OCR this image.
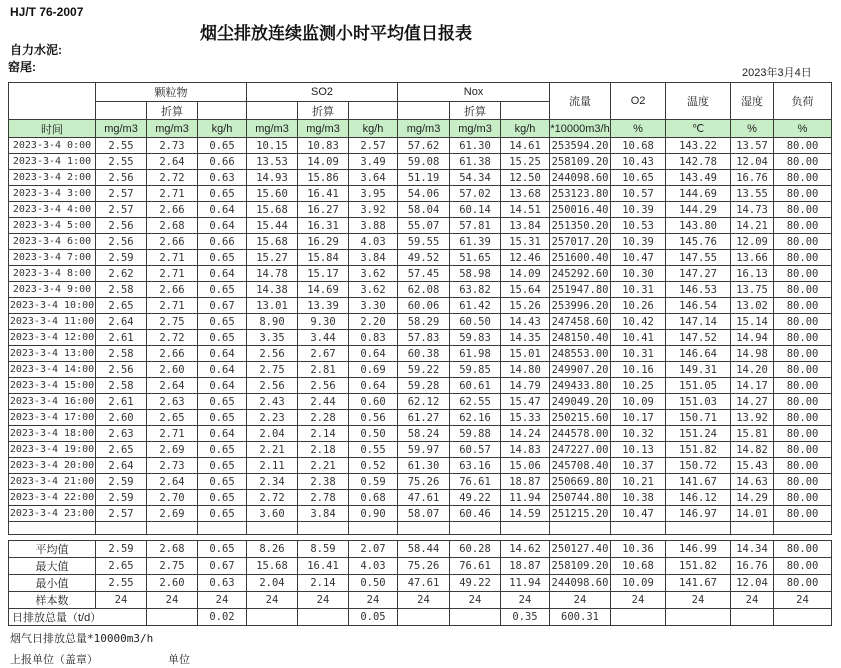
HJ/T 76-2007
烟尘排放连续监测小时平均值日报表
自力水泥:
窑尾:	2023年3月4日
	颗粒物			SO2			Nox			流量	O2	温度	湿度	负荷
		折算			折算			折算						
时间	mg/m3	mg/m3	kg/h	mg/m3	mg/m3	kg/h	mg/m3	mg/m3	kg/h	*10000m3/h	%	℃	%	%
2023-3-4 0:00	2.55	2.73	0.65	10.15	10.83	2.57	57.62	61.30	14.61	253594.20	10.68	143.22	13.57	80.00
2023-3-4 1:00	2.55	2.64	0.66	13.53	14.09	3.49	59.08	61.38	15.25	258109.20	10.43	142.78	12.04	80.00
2023-3-4 2:00	2.56	2.72	0.63	14.93	15.86	3.64	51.19	54.34	12.50	244098.60	10.65	143.49	16.76	80.00
2023-3-4 3:00	2.57	2.71	0.65	15.60	16.41	3.95	54.06	57.02	13.68	253123.80	10.57	144.69	13.55	80.00
2023-3-4 4:00	2.57	2.66	0.64	15.68	16.27	3.92	58.04	60.14	14.51	250016.40	10.39	144.29	14.73	80.00
2023-3-4 5:00	2.56	2.68	0.64	15.44	16.31	3.88	55.07	57.81	13.84	251350.20	10.53	143.80	14.21	80.00
2023-3-4 6:00	2.56	2.66	0.66	15.68	16.29	4.03	59.55	61.39	15.31	257017.20	10.39	145.76	12.09	80.00
2023-3-4 7:00	2.59	2.71	0.65	15.27	15.84	3.84	49.52	51.65	12.46	251600.40	10.47	147.55	13.66	80.00
2023-3-4 8:00	2.62	2.71	0.64	14.78	15.17	3.62	57.45	58.98	14.09	245292.60	10.30	147.27	16.13	80.00
2023-3-4 9:00	2.58	2.66	0.65	14.38	14.69	3.62	62.08	63.82	15.64	251947.80	10.31	146.53	13.75	80.00
2023-3-4 10:00	2.65	2.71	0.67	13.01	13.39	3.30	60.06	61.42	15.26	253996.20	10.26	146.54	13.02	80.00
2023-3-4 11:00	2.64	2.75	0.65	8.90	9.30	2.20	58.29	60.50	14.43	247458.60	10.42	147.14	15.14	80.00
2023-3-4 12:00	2.61	2.72	0.65	3.35	3.44	0.83	57.83	59.83	14.35	248150.40	10.41	147.52	14.94	80.00
2023-3-4 13:00	2.58	2.66	0.64	2.56	2.67	0.64	60.38	61.98	15.01	248553.00	10.31	146.64	14.98	80.00
2023-3-4 14:00	2.56	2.60	0.64	2.75	2.81	0.69	59.22	59.85	14.80	249907.20	10.16	149.31	14.20	80.00
2023-3-4 15:00	2.58	2.64	0.64	2.56	2.56	0.64	59.28	60.61	14.79	249433.80	10.25	151.05	14.17	80.00
2023-3-4 16:00	2.61	2.63	0.65	2.43	2.44	0.60	62.12	62.55	15.47	249049.20	10.09	151.03	14.27	80.00
2023-3-4 17:00	2.60	2.65	0.65	2.23	2.28	0.56	61.27	62.16	15.33	250215.60	10.17	150.71	13.92	80.00
2023-3-4 18:00	2.63	2.71	0.64	2.04	2.14	0.50	58.24	59.88	14.24	244578.00	10.32	151.24	15.81	80.00
2023-3-4 19:00	2.65	2.69	0.65	2.21	2.18	0.55	59.97	60.57	14.83	247227.00	10.13	151.82	14.82	80.00
2023-3-4 20:00	2.64	2.73	0.65	2.11	2.21	0.52	61.30	63.16	15.06	245708.40	10.37	150.72	15.43	80.00
2023-3-4 21:00	2.59	2.64	0.65	2.34	2.38	0.59	75.26	76.61	18.87	250669.80	10.21	141.67	14.63	80.00
2023-3-4 22:00	2.59	2.70	0.65	2.72	2.78	0.68	47.61	49.22	11.94	250744.80	10.38	146.12	14.29	80.00
2023-3-4 23:00	2.57	2.69	0.65	3.60	3.84	0.90	58.07	60.46	14.59	251215.20	10.47	146.97	14.01	80.00

平均值	2.59	2.68	0.65	8.26	8.59	2.07	58.44	60.28	14.62	250127.40	10.36	146.99	14.34	80.00
最大值	2.65	2.75	0.67	15.68	16.41	4.03	75.26	76.61	18.87	258109.20	10.68	151.82	16.76	80.00
最小值	2.55	2.60	0.63	2.04	2.14	0.50	47.61	49.22	11.94	244098.60	10.09	141.67	12.04	80.00
样本数	24	24	24	24	24	24	24	24	24	24	24	24	24	24
日排放总量（t/d）			0.02			0.05			0.35	600.31				
烟气日排放总量*10000m3/h
上报单位（盖章）	单位
